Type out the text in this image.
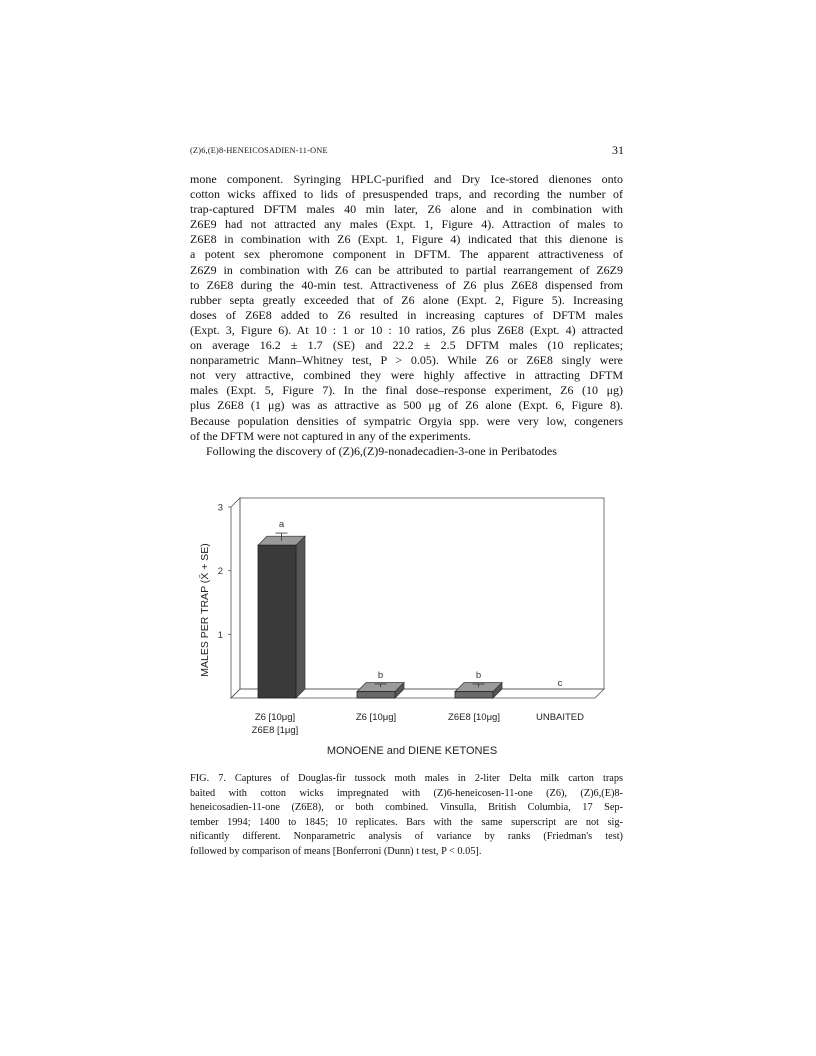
(Z)6,(E)8-HENEICOSADIEN-11-ONE	31

mone component. Syringing HPLC-purified and Dry Ice-stored dienones onto
cotton wicks affixed to lids of presuspended traps, and recording the number of
trap-captured DFTM males 40 min later, Z6 alone and in combination with
Z6E9 had not attracted any males (Expt. 1, Figure 4). Attraction of males to
Z6E8 in combination with Z6 (Expt. 1, Figure 4) indicated that this dienone is
a potent sex pheromone component in DFTM. The apparent attractiveness of
Z6Z9 in combination with Z6 can be attributed to partial rearrangement of Z6Z9
to Z6E8 during the 40-min test. Attractiveness of Z6 plus Z6E8 dispensed from
rubber septa greatly exceeded that of Z6 alone (Expt. 2, Figure 5). Increasing
doses of Z6E8 added to Z6 resulted in increasing captures of DFTM males
(Expt. 3, Figure 6). At 10 : 1 or 10 : 10 ratios, Z6 plus Z6E8 (Expt. 4) attracted
on average 16.2 ± 1.7 (SE) and 22.2 ± 2.5 DFTM males (10 replicates;
nonparametric Mann–Whitney test, P > 0.05). While Z6 or Z6E8 singly were
not very attractive, combined they were highly affective in attracting DFTM
males (Expt. 5, Figure 7). In the final dose–response experiment, Z6 (10 μg)
plus Z6E8 (1 μg) was as attractive as 500 μg of Z6 alone (Expt. 6, Figure 8).
Because population densities of sympatric Orgyia spp. were very low, congeners
of the DFTM were not captured in any of the experiments.

Following the discovery of (Z)6,(Z)9-nonadecadien-3-one in Peribatodes

a
b	b
c
1
2
3
Z6 [10μg]
Z6E8 [1μg]
Z6 [10μg]	Z6E8 [10μg]	UNBAITED
MALES PER TRAP (X̄ + SE)
MONOENE and DIENE KETONES
FIG. 7. Captures of Douglas-fir tussock moth males in 2-liter Delta milk carton traps
baited with cotton wicks impregnated with (Z)6-heneicosen-11-one (Z6), (Z)6,(E)8-
heneicosadien-11-one (Z6E8), or both combined. Vinsulla, British Columbia, 17 Sep-
tember 1994; 1400 to 1845; 10 replicates. Bars with the same superscript are not sig-
nificantly different. Nonparametric analysis of variance by ranks (Friedman's test)
followed by comparison of means [Bonferroni (Dunn) t test, P < 0.05].
